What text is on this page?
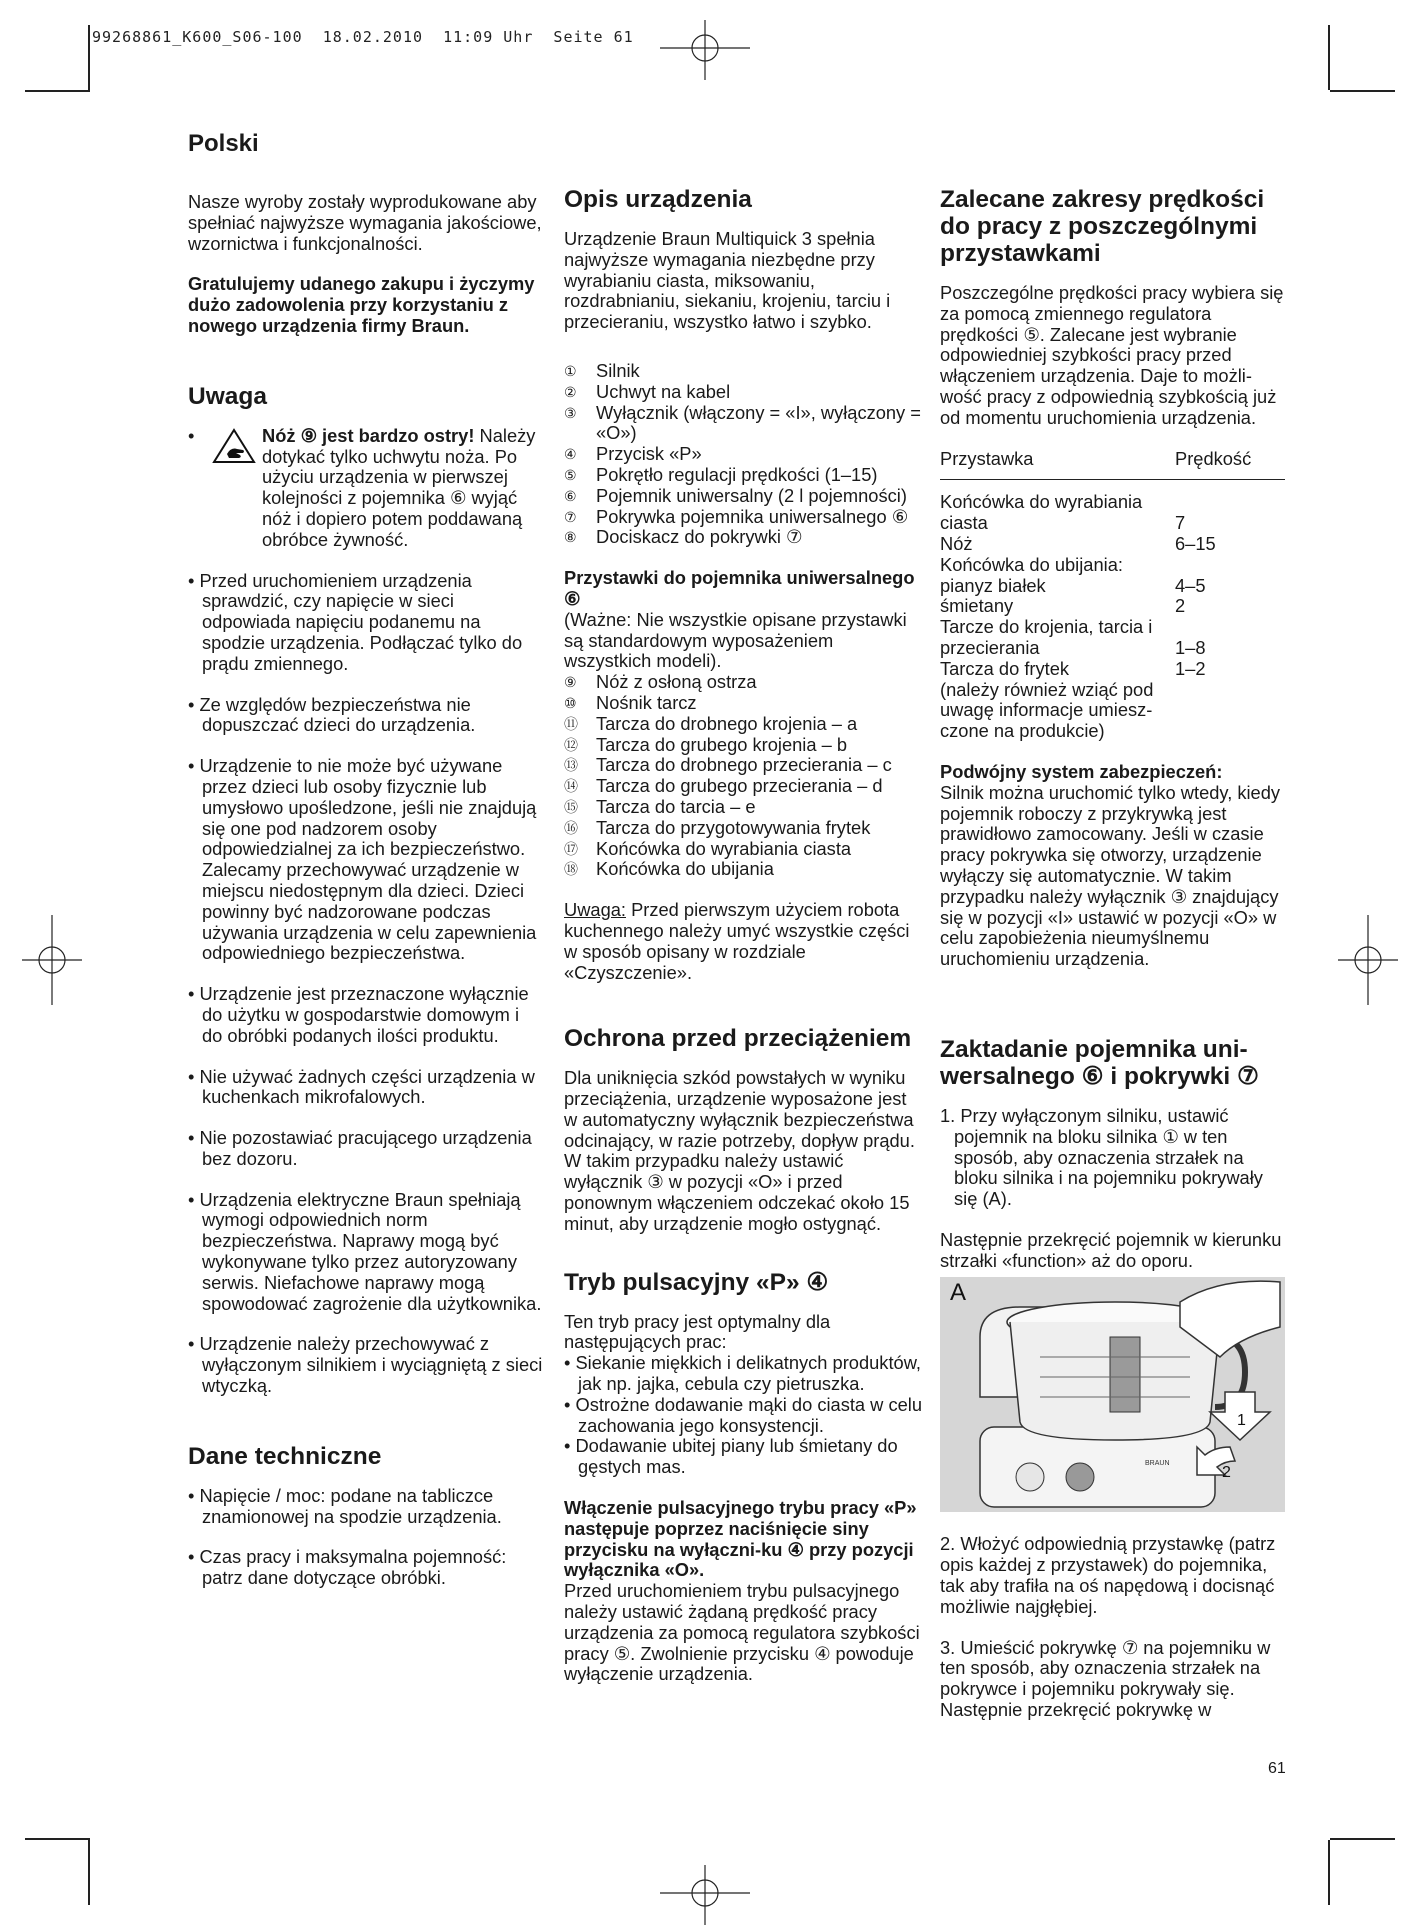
99268861_K600_S06-100  18.02.2010  11:09 Uhr  Seite 61
Polski

Nasze wyroby zostały wyprodukowane aby spełniać najwyższe wymagania jakościowe, wzornictwa i funkcjonalności.

Gratulujemy udanego zakupu i życzymy dużo zadowolenia przy korzystaniu z nowego urządzenia firmy Braun.

Uwaga
•	Nóż ⑨ jest bardzo ostry! Należy dotykać tylko uchwytu noża. Po użyciu urządzenia w pierwszej kolejności z pojemnika ⑥ wyjąć nóż i dopiero potem poddawaną obróbce żywność.
• Przed uruchomieniem urządzenia sprawdzić, czy napięcie w sieci odpowiada napięciu podanemu na spodzie urządzenia. Podłączać tylko do prądu zmiennego.
• Ze względów bezpieczeństwa nie dopuszczać dzieci do urządzenia.
• Urządzenie to nie może być używane przez dzieci lub osoby fizycznie lub umysłowo upośledzone, jeśli nie znajdują się one pod nadzorem osoby odpowiedzialnej za ich bezpieczeństwo. Zalecamy przechowywać urządzenie w miejscu niedostępnym dla dzieci. Dzieci powinny być nadzorowane podczas używania urządzenia w celu zapewnienia odpowiedniego bezpieczeństwa.
• Urządzenie jest przeznaczone wyłącznie do użytku w gospodarstwie domowym i do obróbki podanych ilości produktu.
• Nie używać żadnych części urządzenia w kuchenkach mikrofalowych.
• Nie pozostawiać pracującego urządzenia bez dozoru.
• Urządzenia elektryczne Braun spełniają wymogi odpowiednich norm bezpieczeństwa. Naprawy mogą być wykonywane tylko przez autoryzowany serwis. Niefachowe naprawy mogą spowodować zagrożenie dla użytkownika.
• Urządzenie należy przechowywać z wyłączonym silnikiem i wyciągniętą z sieci wtyczką.
Dane techniczne
• Napięcie / moc: podane na tabliczce znamionowej na spodzie urządzenia.
• Czas pracy i maksymalna pojemność: patrz dane dotyczące obróbki.
Opis urządzenia

Urządzenie Braun Multiquick 3 spełnia najwyższe wymagania niezbędne przy wyrabianiu ciasta, miksowaniu, rozdrabnianiu, siekaniu, krojeniu, tarciu i przecieraniu, wszystko łatwo i szybko.

①	Silnik
②	Uchwyt na kabel
③	Wyłącznik (włączony = «I», wyłączony = «O»)
④	Przycisk «P»
⑤	Pokrętło regulacji prędkości (1–15)
⑥	Pojemnik uniwersalny (2 l pojemności)
⑦	Pokrywka pojemnika uniwersalnego ⑥
⑧	Dociskacz do pokrywki ⑦
Przystawki do pojemnika uniwersalnego ⑥
(Ważne: Nie wszystkie opisane przystawki są standardowym wyposażeniem wszystkich modeli).
⑨	Nóż z osłoną ostrza
⑩	Nośnik tarcz
⑪ Tarcza do drobnego krojenia – a
⑫ Tarcza do grubego krojenia – b
⑬ Tarcza do drobnego przecierania – c
⑭ Tarcza do grubego przecierania – d
⑮ Tarcza do tarcia – e
⑯ Tarcza do przygotowywania frytek
⑰ Końcówka do wyrabiania ciasta
⑱ Końcówka do ubijania

Uwaga: Przed pierwszym użyciem robota kuchennego należy umyć wszystkie części w sposób opisany w rozdziale «Czyszczenie».

Ochrona przed przeciążeniem

Dla uniknięcia szkód powstałych w wyniku przeciążenia, urządzenie wyposażone jest w automatyczny wyłącznik bezpieczeństwa odcinający, w razie potrzeby, dopływ prądu. W takim przypadku należy ustawić wyłącznik ③ w pozycji «O» i przed ponownym włączeniem odczekać około 15 minut, aby urządzenie mogło ostygnąć.

Tryb pulsacyjny «P» ④
Ten tryb pracy jest optymalny dla następujących prac:
• Siekanie miękkich i delikatnych produktów, jak np. jajka, cebula czy pietruszka.
• Ostrożne dodawanie mąki do ciasta w celu zachowania jego konsystencji.
• Dodawanie ubitej piany lub śmietany do gęstych mas.
Włączenie pulsacyjnego trybu pracy «P» następuje poprzez naciśnięcie siny przycisku na wyłączni-ku ④ przy pozycji wyłącznika «O».
Przed uruchomieniem trybu pulsacyjnego należy ustawić żądaną prędkość pracy urządzenia za pomocą regulatora szybkości pracy ⑤. Zwolnienie przycisku ④ powoduje wyłączenie urządzenia.
Zalecane zakresy prędkości do pracy z poszczególnymi przystawkami

Poszczególne prędkości pracy wybiera się za pomocą zmiennego regulatora prędkości ⑤. Zalecane jest wybranie odpowiedniej szybkości pracy przed włączeniem urządzenia. Daje to możliwość pracy z odpowiednią szybkością już od momentu uruchomienia urządzenia.

Przystawka	Prędkość
Końcówka do wyrabiania	
ciasta	7
Nóż	6–15
Końcówka do ubijania:	
pianyz białek	4–5
śmietany	2
Tarcze do krojenia, tarcia i	
przecierania	1–8
Tarcza do frytek	1–2
(należy również wziąć pod uwagę informacje umieszczone na produkcie)	
Podwójny system zabezpieczeń:

Silnik można uruchomić tylko wtedy, kiedy pojemnik roboczy z przykrywką jest prawidłowo zamocowany. Jeśli w czasie pracy pokrywka się otworzy, urządzenie wyłączy się automatycznie. W takim przypadku należy wyłącznik ③ znajdujący się w pozycji «I» ustawić w pozycji «O» w celu zapobieżenia nieumyślnemu uruchomieniu urządzenia.

Zaktadanie pojemnika uniwersalnego ⑥ i pokrywki ⑦

1. Przy wyłączonym silniku, ustawić pojemnik na bloku silnika ① w ten sposób, aby oznaczenia strzałek na bloku silnika i na pojemniku pokrywały się (A).

Następnie przekręcić pojemnik w kierunku strzałki «function» aż do oporu.

BRAUN
1
2
A

2. Włożyć odpowiednią przystawkę (patrz opis każdej z przystawek) do pojemnika, tak aby trafiła na oś napędową i docisnąć możliwie najgłębiej.

3. Umieścić pokrywkę ⑦ na pojemniku w ten sposób, aby oznaczenia strzałek na pokrywce i pojemniku pokrywały się. Następnie przekręcić pokrywkę w

61
